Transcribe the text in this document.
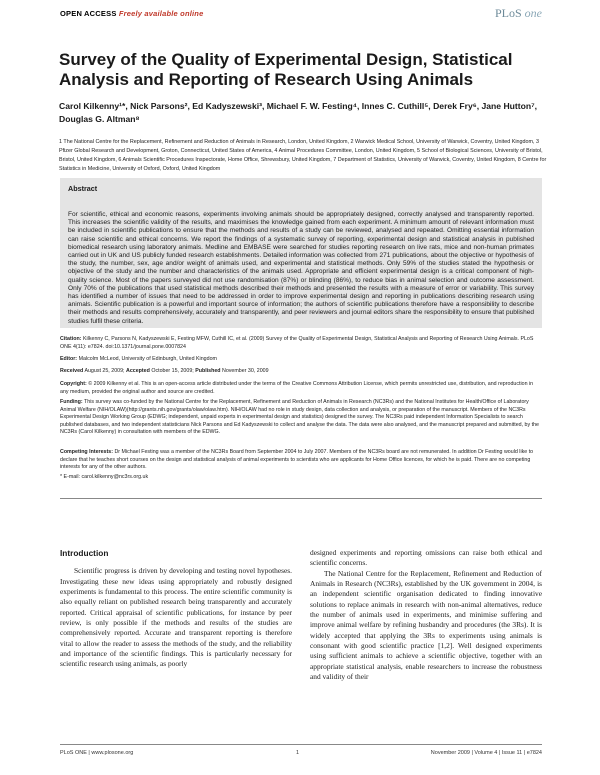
OPEN ACCESS Freely available online	PLoS one
Survey of the Quality of Experimental Design, Statistical Analysis and Reporting of Research Using Animals
Carol Kilkenny¹*, Nick Parsons², Ed Kadyszewski³, Michael F. W. Festing⁴, Innes C. Cuthill⁵, Derek Fry⁶, Jane Hutton⁷, Douglas G. Altman⁸
1 The National Centre for the Replacement, Refinement and Reduction of Animals in Research, London, United Kingdom, 2 Warwick Medical School, University of Warwick, Coventry, United Kingdom, 3 Pfizer Global Research and Development, Groton, Connecticut, United States of America, 4 Animal Procedures Committee, London, United Kingdom, 5 School of Biological Sciences, University of Bristol, Bristol, United Kingdom, 6 Animals Scientific Procedures Inspectorate, Home Office, Shrewsbury, United Kingdom, 7 Department of Statistics, University of Warwick, Coventry, United Kingdom, 8 Centre for Statistics in Medicine, University of Oxford, Oxford, United Kingdom
Abstract
For scientific, ethical and economic reasons, experiments involving animals should be appropriately designed, correctly analysed and transparently reported. This increases the scientific validity of the results, and maximises the knowledge gained from each experiment. A minimum amount of relevant information must be included in scientific publications to ensure that the methods and results of a study can be reviewed, analysed and repeated. Omitting essential information can raise scientific and ethical concerns. We report the findings of a systematic survey of reporting, experimental design and statistical analysis in published biomedical research using laboratory animals. Medline and EMBASE were searched for studies reporting research on live rats, mice and non-human primates carried out in UK and US publicly funded research establishments. Detailed information was collected from 271 publications, about the objective or hypothesis of the study, the number, sex, age and/or weight of animals used, and experimental and statistical methods. Only 59% of the studies stated the hypothesis or objective of the study and the number and characteristics of the animals used. Appropriate and efficient experimental design is a critical component of high-quality science. Most of the papers surveyed did not use randomisation (87%) or blinding (86%), to reduce bias in animal selection and outcome assessment. Only 70% of the publications that used statistical methods described their methods and presented the results with a measure of error or variability. This survey has identified a number of issues that need to be addressed in order to improve experimental design and reporting in publications describing research using animals. Scientific publication is a powerful and important source of information; the authors of scientific publications therefore have a responsibility to describe their methods and results comprehensively, accurately and transparently, and peer reviewers and journal editors share the responsibility to ensure that published studies fulfil these criteria.
Citation: Kilkenny C, Parsons N, Kadyszewski E, Festing MFW, Cuthill IC, et al. (2009) Survey of the Quality of Experimental Design, Statistical Analysis and Reporting of Research Using Animals. PLoS ONE 4(11): e7824. doi:10.1371/journal.pone.0007824
Editor: Malcolm McLeod, University of Edinburgh, United Kingdom
Received August 25, 2009; Accepted October 15, 2009; Published November 30, 2009
Copyright: © 2009 Kilkenny et al. This is an open-access article distributed under the terms of the Creative Commons Attribution License, which permits unrestricted use, distribution, and reproduction in any medium, provided the original author and source are credited.
Funding: This survey was co-funded by the National Centre for the Replacement, Refinement and Reduction of Animals in Research (NC3Rs) and the National Institutes for Health/Office of Laboratory Animal Welfare (NIH/OLAW)(http://grants.nih.gov/grants/olaw/olaw.htm). NIH/OLAW had no role in study design, data collection and analysis, or preparation of the manuscript. Members of the NC3Rs Experimental Design Working Group (EDWG; independent, unpaid experts in experimental design and statistics) designed the survey. The NC3Rs paid independent Information Specialists to search published databases, and two independent statisticians Nick Parsons and Ed Kadyszewski to collect and analyse the data. The data were also analysed, and the manuscript prepared and submitted, by the NC3Rs (Carol Kilkenny) in consultation with members of the EDWG.
Competing Interests: Dr Michael Festing was a member of the NC3Rs Board from September 2004 to July 2007. Members of the NC3Rs board are not remunerated. In addition Dr Festing would like to declare that he teaches short courses on the design and statistical analysis of animal experiments to scientists who are applicants for Home Office licences, for which he is paid. There are no competing interests for any of the other authors.
* E-mail: carol.kilkenny@nc3rs.org.uk
Introduction

Scientific progress is driven by developing and testing novel hypotheses. Investigating these new ideas using appropriately and robustly designed experiments is fundamental to this process. The entire scientific community is also equally reliant on published research being transparently and accurately reported. Critical appraisal of scientific publications, for instance by peer review, is only possible if the methods and results of the studies are comprehensively reported. Accurate and transparent reporting is therefore vital to allow the reader to assess the methods of the study, and the reliability and importance of the scientific findings. This is particularly necessary for scientific research using animals, as poorly

designed experiments and reporting omissions can raise both ethical and scientific concerns.

The National Centre for the Replacement, Refinement and Reduction of Animals in Research (NC3Rs), established by the UK government in 2004, is an independent scientific organisation dedicated to finding innovative solutions to replace animals in research with non-animal alternatives, reduce the number of animals used in experiments, and minimise suffering and improve animal welfare by refining husbandry and procedures (the 3Rs). It is widely accepted that applying the 3Rs to experiments using animals is consonant with good scientific practice [1,2]. Well designed experiments using sufficient animals to achieve a scientific objective, together with an appropriate statistical analysis, enable researchers to increase the robustness and validity of their

PLoS ONE | www.plosone.org	1	November 2009 | Volume 4 | Issue 11 | e7824
